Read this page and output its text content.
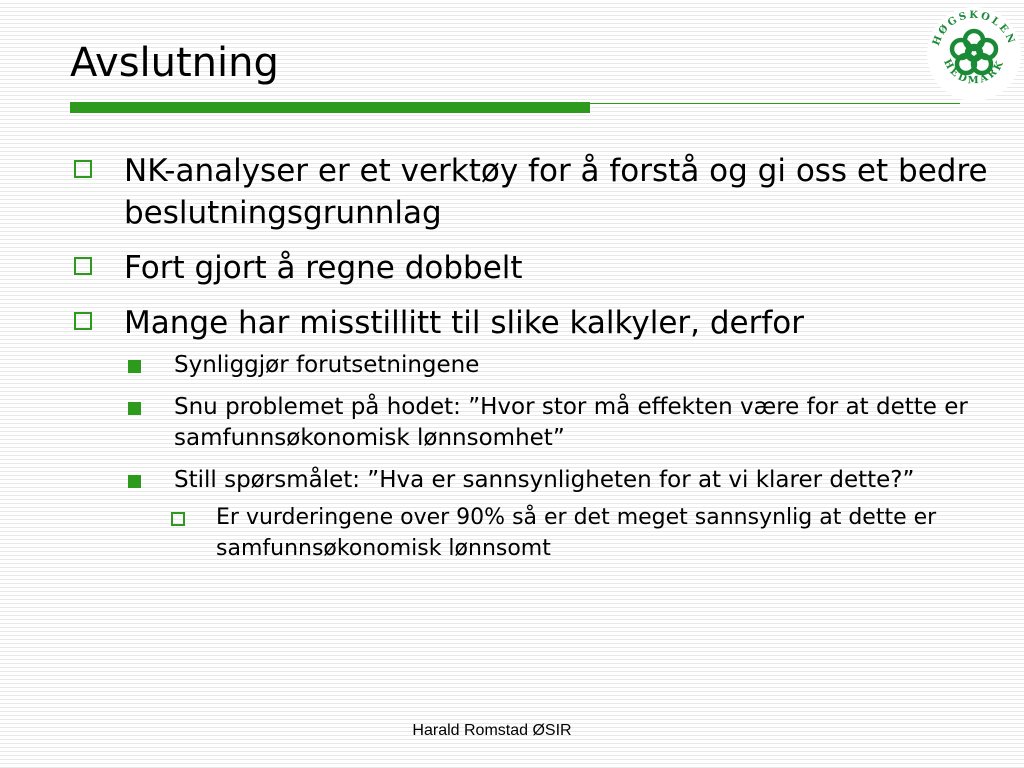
Avslutning
HØGSKOLEN
HEDMARK
NK-analyser er et verktøy for å forstå og gi oss et bedre beslutningsgrunnlag
Fort gjort å regne dobbelt
Mange har misstillitt til slike kalkyler, derfor
Synliggjør forutsetningene
Snu problemet på hodet: ”Hvor stor må effekten være for at dette er samfunnsøkonomisk lønnsomhet”
Still spørsmålet: ”Hva er sannsynligheten for at vi klarer dette?”
Er vurderingene over 90% så er det meget sannsynlig at dette er samfunnsøkonomisk lønnsomt
Harald Romstad ØSIR
